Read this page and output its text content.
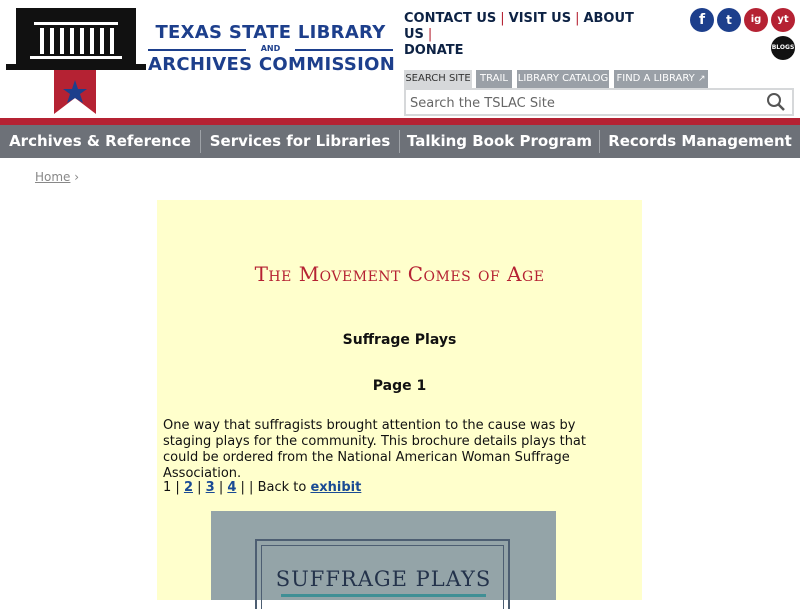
TEXAS STATE LIBRARY
AND
ARCHIVES COMMISSION
CONTACT US | VISIT US | ABOUT US |
DONATE
f	t	ig	yt
BLOGS
SEARCH SITE TRAIL LIBRARY CATALOG FIND A LIBRARY ↗
Search the TSLAC Site
Archives & Reference	Services for Libraries	Talking Book Program	Records Management
Home ›
The Movement Comes of Age
Suffrage Plays
Page 1
One way that suffragists brought attention to the cause was by staging plays for the community. This brochure details plays that could be ordered from the National American Woman Suffrage Association.
1 | 2 | 3 | 4 | | Back to exhibit
SUFFRAGE PLAYS
